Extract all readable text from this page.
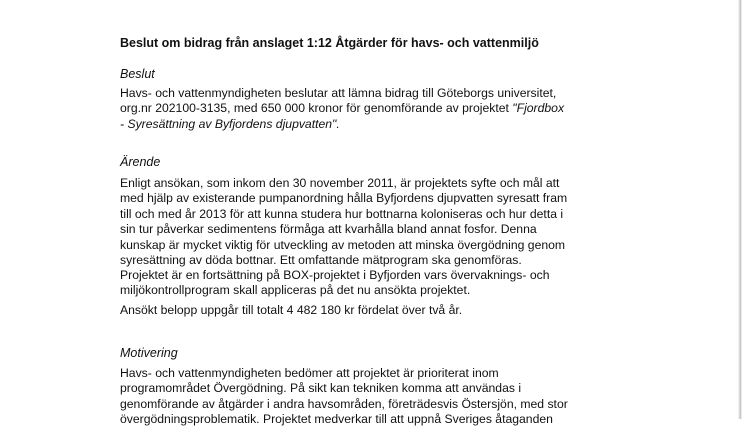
Beslut om bidrag från anslaget 1:12 Åtgärder för havs- och vattenmiljö
Beslut
Havs- och vattenmyndigheten beslutar att lämna bidrag till Göteborgs universitet,
org.nr 202100-3135, med 650 000 kronor för genomförande av projektet "Fjordbox
- Syresättning av Byfjordens djupvatten".
Ärende
Enligt ansökan, som inkom den 30 november 2011, är projektets syfte och mål att
med hjälp av existerande pumpanordning hålla Byfjordens djupvatten syresatt fram
till och med år 2013 för att kunna studera hur bottnarna koloniseras och hur detta i
sin tur påverkar sedimentens förmåga att kvarhålla bland annat fosfor. Denna
kunskap är mycket viktig för utveckling av metoden att minska övergödning genom
syresättning av döda bottnar. Ett omfattande mätprogram ska genomföras.
Projektet är en fortsättning på BOX-projektet i Byfjorden vars övervaknings- och
miljökontrollprogram skall appliceras på det nu ansökta projektet.
Ansökt belopp uppgår till totalt 4 482 180 kr fördelat över två år.
Motivering
Havs- och vattenmyndigheten bedömer att projektet är prioriterat inom
programområdet Övergödning. På sikt kan tekniken komma att användas i
genomförande av åtgärder i andra havsområden, företrädesvis Östersjön, med stor
övergödningsproblematik. Projektet medverkar till att uppnå Sveriges åtaganden
